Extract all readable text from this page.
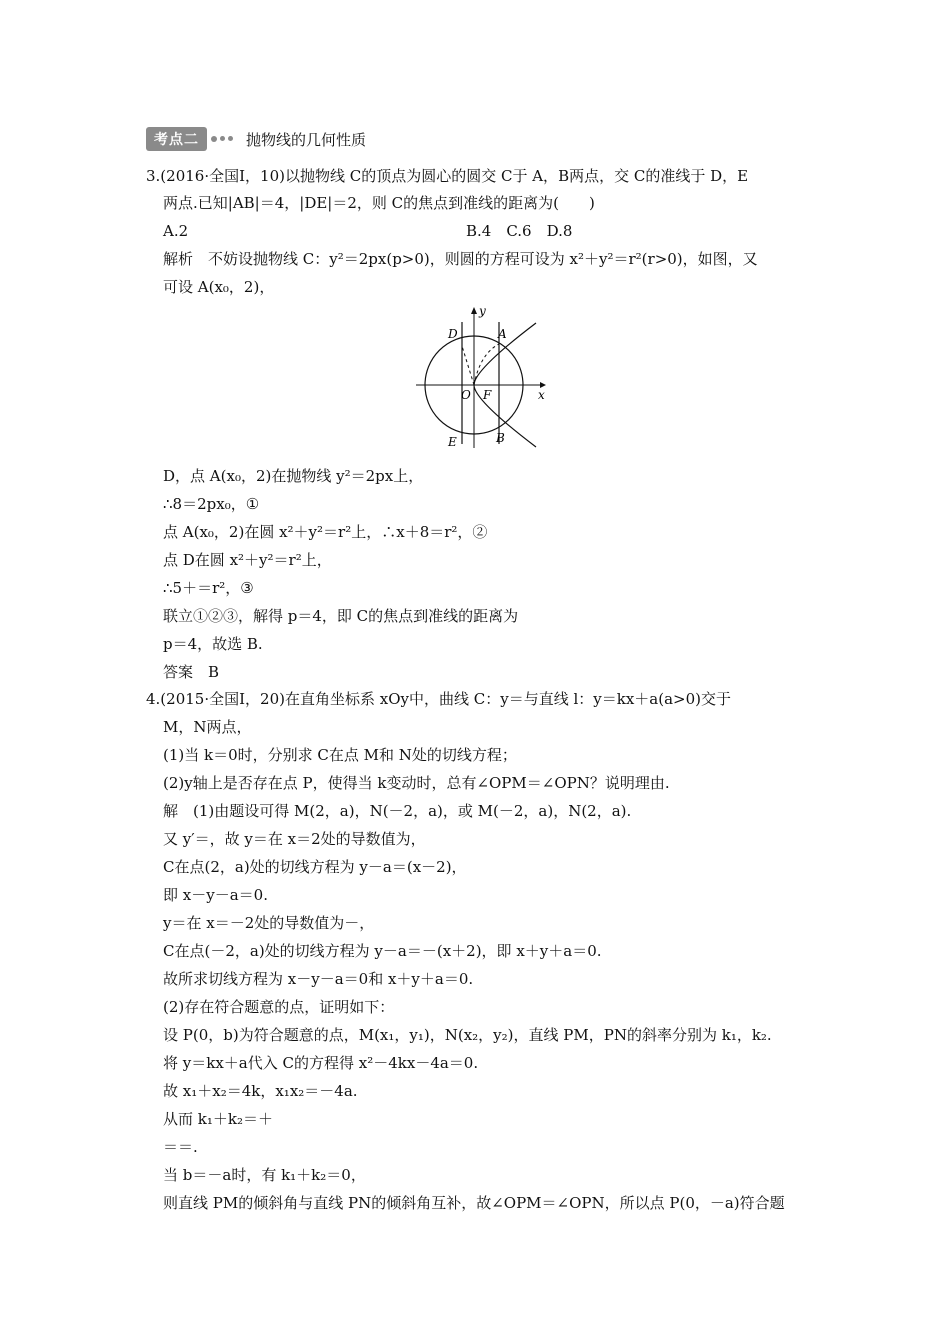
考点二	抛物线的几何性质
3.(2016·全国Ⅰ，10)以抛物线 C的顶点为圆心的圆交 C于 A，B两点，交 C的准线于 D，E
两点.已知|AB|＝4，|DE|＝2，则 C的焦点到准线的距离为(　　)
A.2	B.4　C.6　D.8
解析　不妨设抛物线 C：y²＝2px(p>0)，则圆的方程可设为 x²＋y²＝r²(r>0)，如图，又
可设 A(x₀，2)，
y
x
D	A
O F
E	B
D，点 A(x₀，2)在抛物线 y²＝2px上，
∴8＝2px₀，①
点 A(x₀，2)在圆 x²＋y²＝r²上，∴x＋8＝r²，②
点 D在圆 x²＋y²＝r²上，
∴5＋＝r²，③
联立①②③，解得 p＝4，即 C的焦点到准线的距离为
p＝4，故选 B.
答案　B
4.(2015·全国Ⅰ，20)在直角坐标系 xOy中，曲线 C：y＝与直线 l：y＝kx＋a(a>0)交于
M，N两点，
(1)当 k＝0时，分别求 C在点 M和 N处的切线方程；
(2)y轴上是否存在点 P，使得当 k变动时，总有∠OPM＝∠OPN？说明理由.
解　(1)由题设可得 M(2，a)，N(－2，a)，或 M(－2，a)，N(2，a).
又 y′＝，故 y＝在 x＝2处的导数值为，
C在点(2，a)处的切线方程为 y－a＝(x－2)，
即 x－y－a＝0.
y＝在 x＝－2处的导数值为－，
C在点(－2，a)处的切线方程为 y－a＝－(x＋2)，即 x＋y＋a＝0.
故所求切线方程为 x－y－a＝0和 x＋y＋a＝0.
(2)存在符合题意的点，证明如下：
设 P(0，b)为符合题意的点，M(x₁，y₁)，N(x₂，y₂)，直线 PM，PN的斜率分别为 k₁，k₂.
将 y＝kx＋a代入 C的方程得 x²－4kx－4a＝0.
故 x₁＋x₂＝4k，x₁x₂＝－4a.
从而 k₁＋k₂＝＋
＝＝.
当 b＝－a时，有 k₁＋k₂＝0，
则直线 PM的倾斜角与直线 PN的倾斜角互补，故∠OPM＝∠OPN，所以点 P(0，－a)符合题
